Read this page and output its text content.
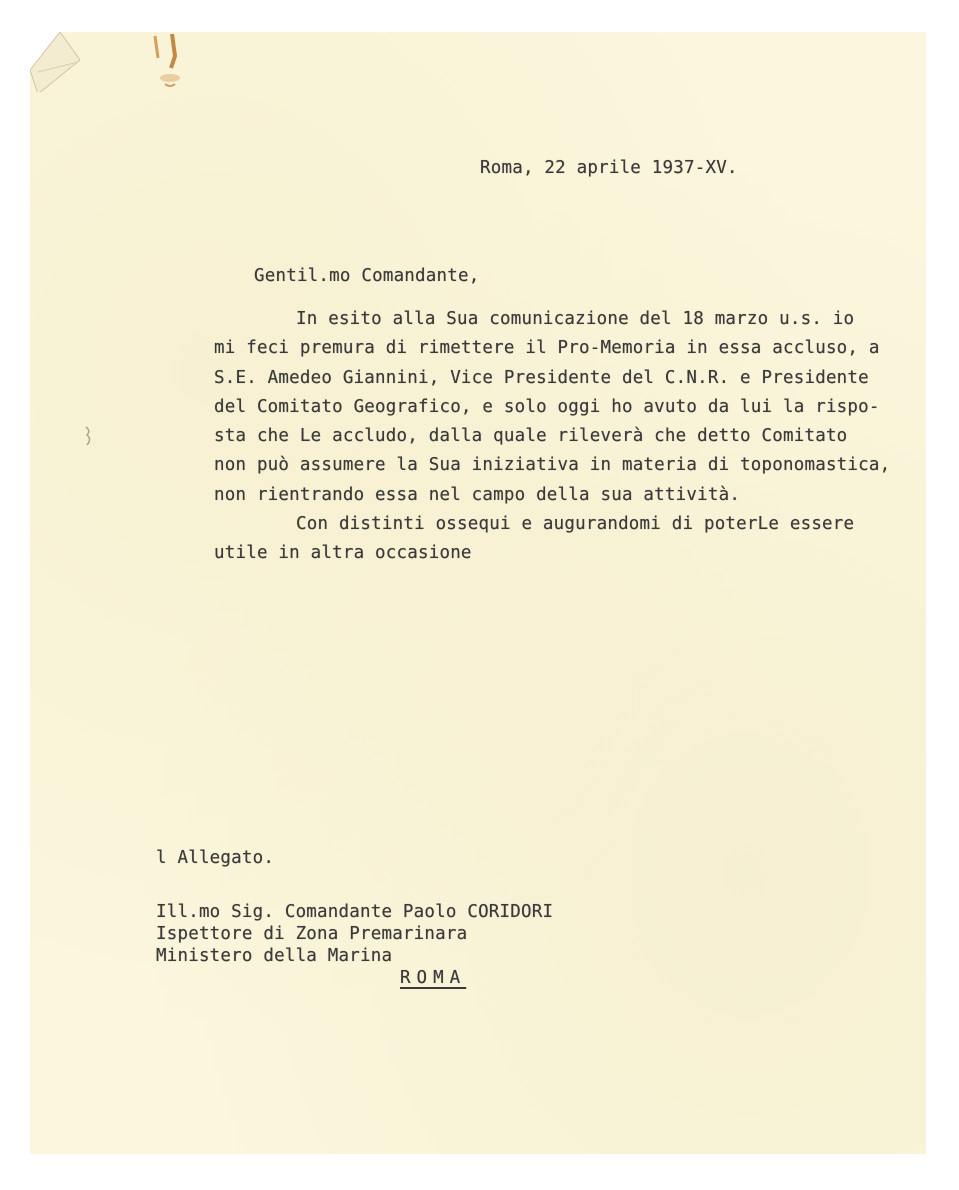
Roma, 22 aprile 1937-XV.
Gentil.mo Comandante,
In esito alla Sua comunicazione del 18 marzo u.s. io
mi feci premura di rimettere il Pro-Memoria in essa accluso, a
S.E. Amedeo Giannini, Vice Presidente del C.N.R. e Presidente
del Comitato Geografico, e solo oggi ho avuto da lui la rispo-
sta che Le accludo, dalla quale rileverà che detto Comitato
non può assumere la Sua iniziativa in materia di toponomastica,
non rientrando essa nel campo della sua attività.
Con distinti ossequi e augurandomi di poterLe essere
utile in altra occasione
l Allegato.
Ill.mo Sig. Comandante Paolo CORIDORI
Ispettore di Zona Premarinara
Ministero della Marina
ROMA
